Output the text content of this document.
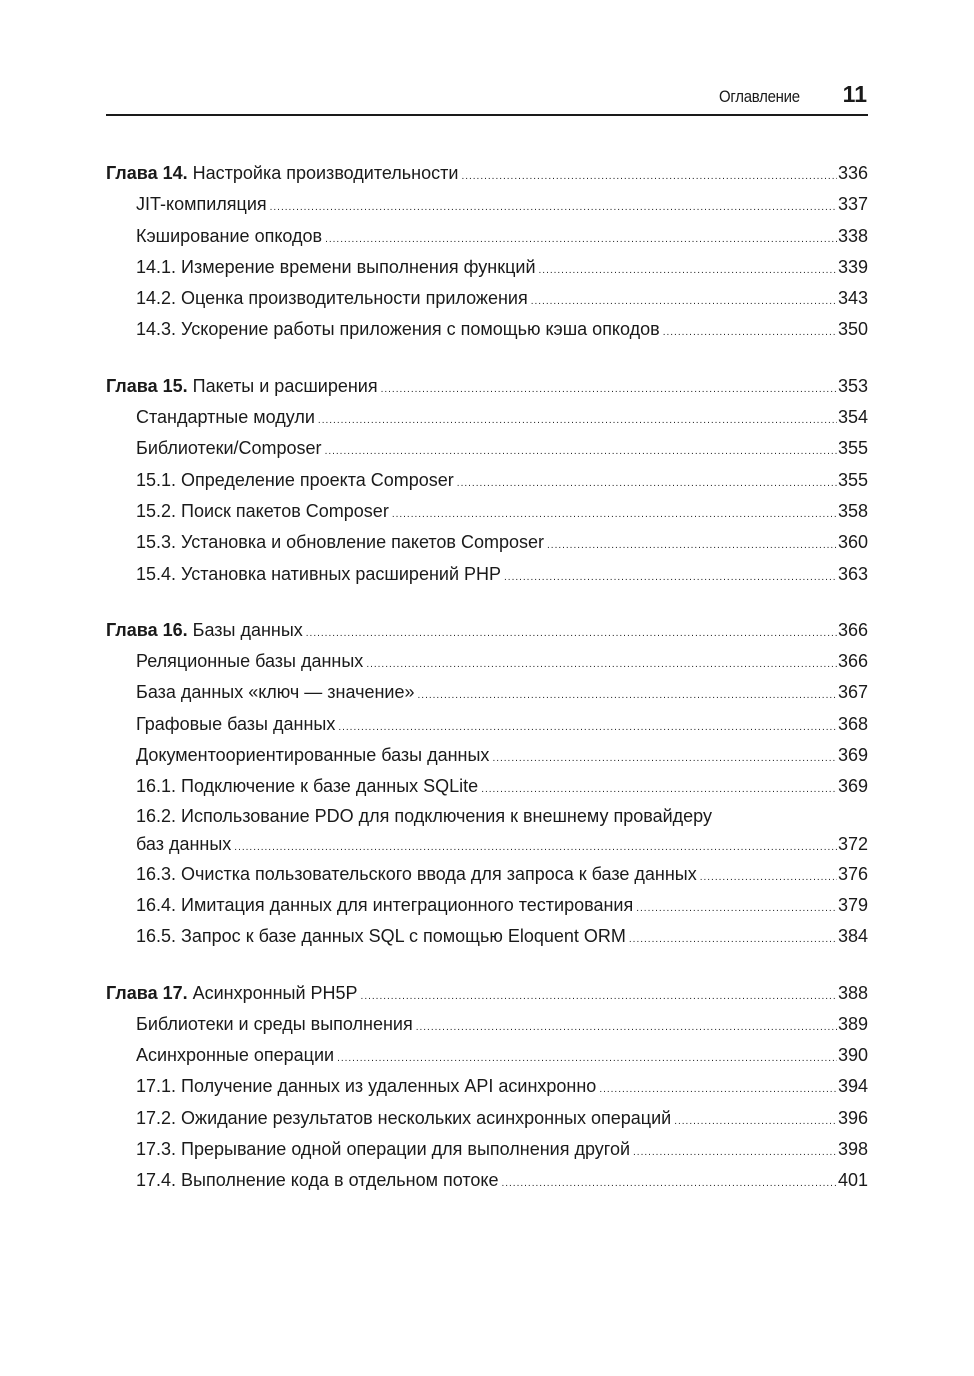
Оглавление 11
Глава 14. Настройка производительности .....	336
JIT-компиляция .....	337
Кэширование опкодов .....	338
14.1. Измерение времени выполнения функций .....	339
14.2. Оценка производительности приложения .....	343
14.3. Ускорение работы приложения с помощью кэша опкодов .....	350
Глава 15. Пакеты и расширения .....	353
Стандартные модули .....	354
Библиотеки/Composer .....	355
15.1. Определение проекта Composer .....	355
15.2. Поиск пакетов Composer .....	358
15.3. Установка и обновление пакетов Composer .....	360
15.4. Установка нативных расширений PHP .....	363
Глава 16. Базы данных .....	366
Реляционные базы данных .....	366
База данных «ключ — значение» .....	367
Графовые базы данных .....	368
Документоориентированные базы данных .....	369
16.1. Подключение к базе данных SQLite .....	369
16.2. Использование PDO для подключения к внешнему провайдеру
баз данных .....	372
16.3. Очистка пользовательского ввода для запроса к базе данных .....	376
16.4. Имитация данных для интеграционного тестирования .....	379
16.5. Запрос к базе данных SQL с помощью Eloquent ORM .....	384
Глава 17. Асинхронный PH5P .....	388
Библиотеки и среды выполнения .....	389
Асинхронные операции .....	390
17.1. Получение данных из удаленных API асинхронно .....	394
17.2. Ожидание результатов нескольких асинхронных операций .....	396
17.3. Прерывание одной операции для выполнения другой .....	398
17.4. Выполнение кода в отдельном потоке .....	401
